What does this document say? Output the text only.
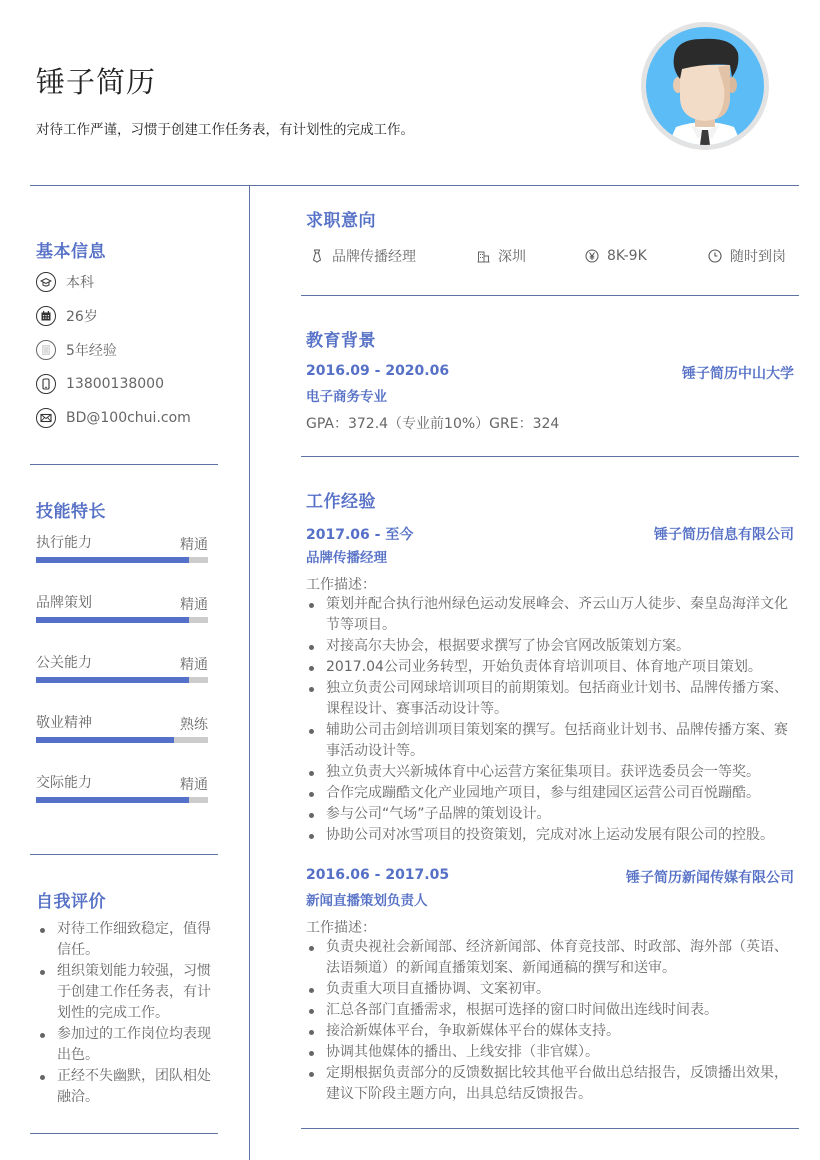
锤子简历

对待工作严谨，习惯于创建工作任务表，有计划性的完成工作。

基本信息
本科
26岁
5年经验
13800138000
BD@100chui.com
技能特长
执行能力	精通
品牌策划	精通
公关能力	精通
敬业精神	熟练
交际能力	精通
自我评价
对待工作细致稳定，值得信任。
组织策划能力较强，习惯于创建工作任务表，有计划性的完成工作。
参加过的工作岗位均表现出色。
正经不失幽默，团队相处融洽。
求职意向
品牌传播经理	深圳	8K-9K	随时到岗
教育背景
2016.09 - 2020.06	锤子简历中山大学
电子商务专业
GPA：372.4（专业前10%）GRE：324
工作经验
2017.06 - 至今	锤子简历信息有限公司
品牌传播经理
工作描述：
策划并配合执行池州绿色运动发展峰会、齐云山万人徒步、秦皇岛海洋文化节等项目。
对接高尔夫协会，根据要求撰写了协会官网改版策划方案。
2017.04公司业务转型，开始负责体育培训项目、体育地产项目策划。
独立负责公司网球培训项目的前期策划。包括商业计划书、品牌传播方案、课程设计、赛事活动设计等。
辅助公司击剑培训项目策划案的撰写。包括商业计划书、品牌传播方案、赛事活动设计等。
独立负责大兴新城体育中心运营方案征集项目。获评选委员会一等奖。
合作完成蹦酷文化产业园地产项目，参与组建园区运营公司百悦蹦酷。
参与公司“气场”子品牌的策划设计。
协助公司对冰雪项目的投资策划，完成对冰上运动发展有限公司的控股。
2016.06 - 2017.05	锤子简历新闻传媒有限公司
新闻直播策划负责人
工作描述：
负责央视社会新闻部、经济新闻部、体育竞技部、时政部、海外部（英语、法语频道）的新闻直播策划案、新闻通稿的撰写和送审。
负责重大项目直播协调、文案初审。
汇总各部门直播需求，根据可选择的窗口时间做出连线时间表。
接洽新媒体平台，争取新媒体平台的媒体支持。
协调其他媒体的播出、上线安排（非官媒）。
定期根据负责部分的反馈数据比较其他平台做出总结报告，反馈播出效果，建议下阶段主题方向，出具总结反馈报告。
